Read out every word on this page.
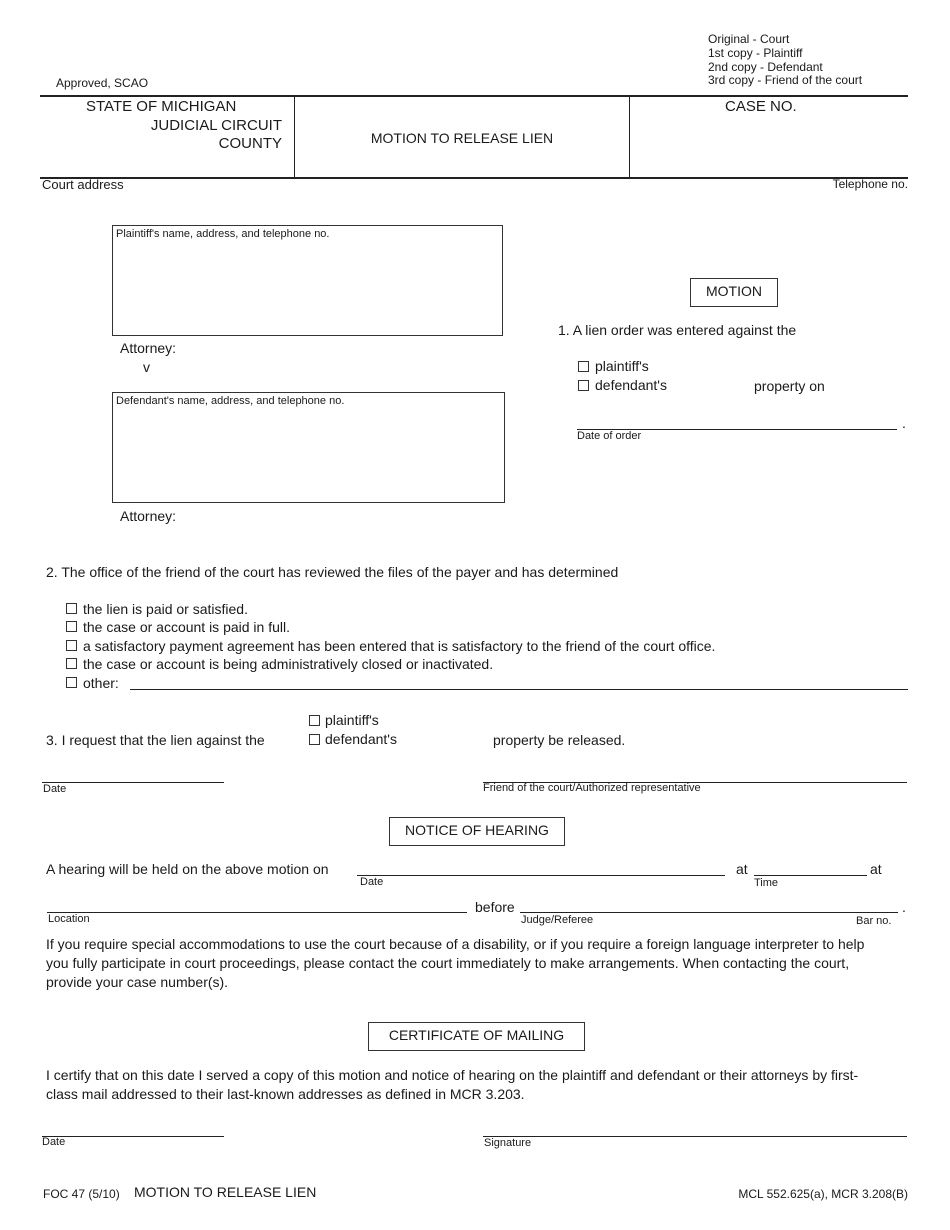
Original - Court
1st copy - Plaintiff
2nd copy - Defendant
3rd copy - Friend of the court
Approved, SCAO
STATE OF MICHIGAN
JUDICIAL CIRCUIT
COUNTY	MOTION TO RELEASE LIEN
CASE NO.
Court address	Telephone no.
Plaintiff's name, address, and telephone no.
Attorney:
v
Defendant's name, address, and telephone no.
Attorney:
MOTION
1. A lien order was entered against the
plaintiff's
defendant's	property on
.
Date of order
2. The office of the friend of the court has reviewed the files of the payer and has determined
the lien is paid or satisfied.
the case or account is paid in full.
a satisfactory payment agreement has been entered that is satisfactory to the friend of the court office.
the case or account is being administratively closed or inactivated.
other:
plaintiff's
3. I request that the lien against the	defendant's	property be released.
Date	Friend of the court/Authorized representative
NOTICE OF HEARING
A hearing will be held on the above motion on
Date
at
Time
at
Location
before
Judge/Referee	Bar no.
.
If you require special accommodations to use the court because of a disability, or if you require a foreign language interpreter to help
you fully participate in court proceedings, please contact the court immediately to make arrangements. When contacting the court,
provide your case number(s).
CERTIFICATE OF MAILING
I certify that on this date I served a copy of this motion and notice of hearing on the plaintiff and defendant or their attorneys by first-
class mail addressed to their last-known addresses as defined in MCR 3.203.
Date	Signature
FOC 47 (5/10) MOTION TO RELEASE LIEN	MCL 552.625(a), MCR 3.208(B)
